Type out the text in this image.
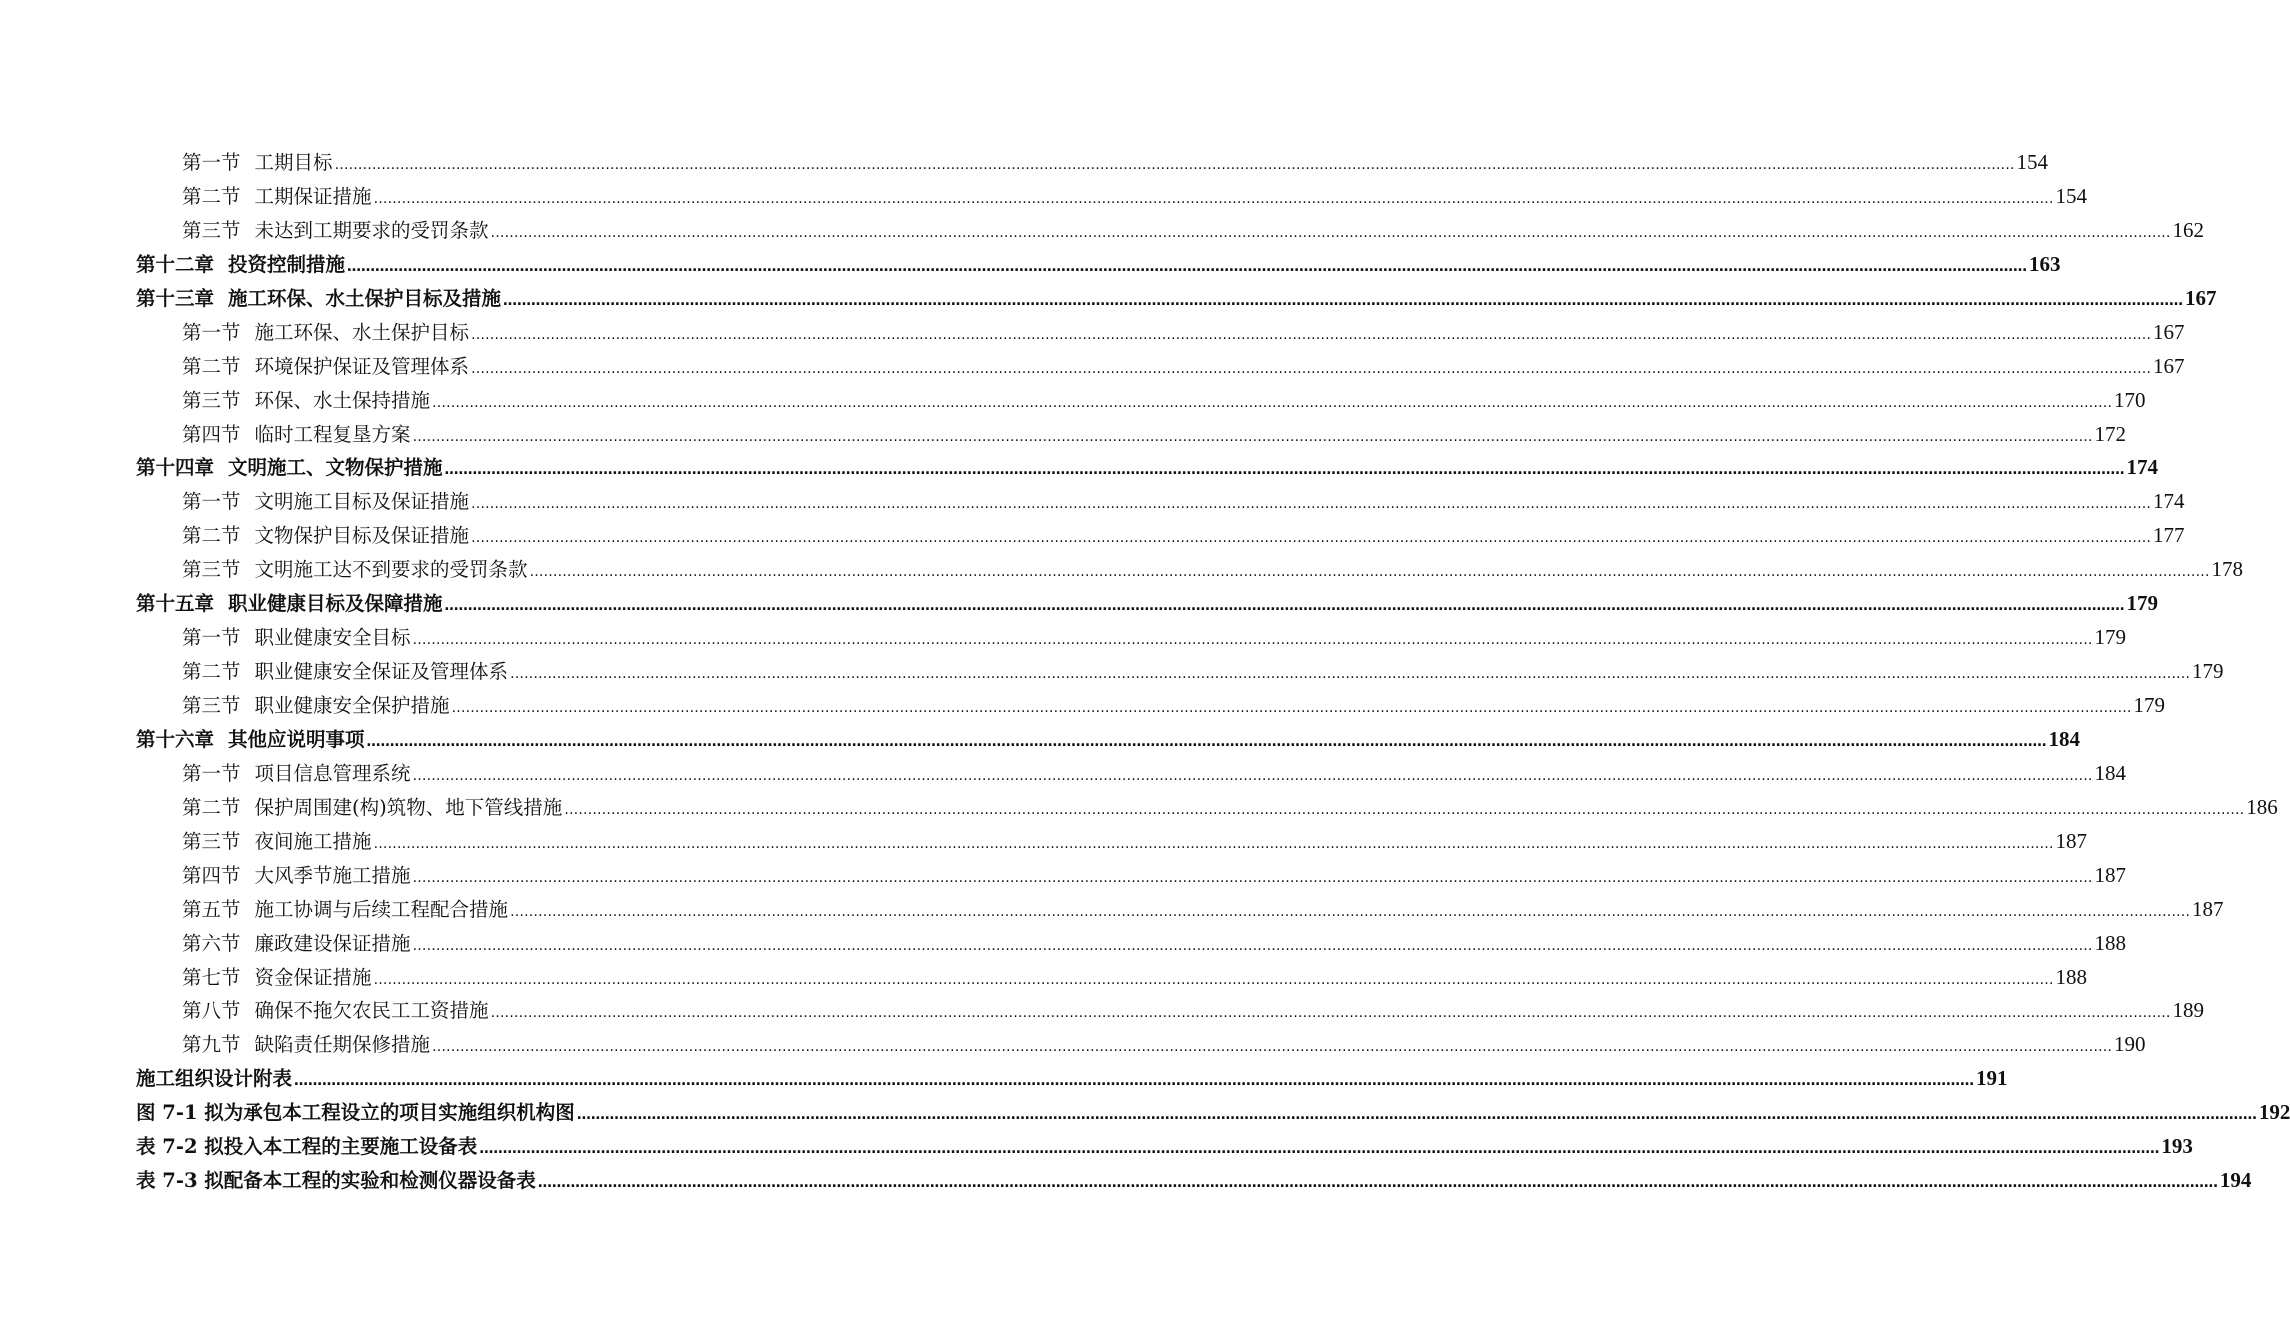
第一节 工期目标 ……………………………………………………………………………………………………………………………………………………………………………………………………………………………………………………………………………………………………………………………… 154
第二节 工期保证措施 ……………………………………………………………………………………………………………………………………………………………………………………………………………………………………………………………………………………………………………………………… 154
第三节 未达到工期要求的受罚条款 ……………………………………………………………………………………………………………………………………………………………………………………………………………………………………………………………………………………………………………………………… 162
第十二章 投资控制措施 ……………………………………………………………………………………………………………………………………………………………………………………………………………………………………………………………………………………………………………………………… 163
第十三章 施工环保、水土保护目标及措施 ……………………………………………………………………………………………………………………………………………………………………………………………………………………………………………………………………………………………………………………………… 167
第一节 施工环保、水土保护目标 ……………………………………………………………………………………………………………………………………………………………………………………………………………………………………………………………………………………………………………………………… 167
第二节 环境保护保证及管理体系 ……………………………………………………………………………………………………………………………………………………………………………………………………………………………………………………………………………………………………………………………… 167
第三节 环保、水土保持措施 ……………………………………………………………………………………………………………………………………………………………………………………………………………………………………………………………………………………………………………………………… 170
第四节 临时工程复垦方案 ……………………………………………………………………………………………………………………………………………………………………………………………………………………………………………………………………………………………………………………………… 172
第十四章 文明施工、文物保护措施 ……………………………………………………………………………………………………………………………………………………………………………………………………………………………………………………………………………………………………………………………… 174
第一节 文明施工目标及保证措施 ……………………………………………………………………………………………………………………………………………………………………………………………………………………………………………………………………………………………………………………………… 174
第二节 文物保护目标及保证措施 ……………………………………………………………………………………………………………………………………………………………………………………………………………………………………………………………………………………………………………………………… 177
第三节 文明施工达不到要求的受罚条款 ……………………………………………………………………………………………………………………………………………………………………………………………………………………………………………………………………………………………………………………………… 178
第十五章 职业健康目标及保障措施 ……………………………………………………………………………………………………………………………………………………………………………………………………………………………………………………………………………………………………………………………… 179
第一节 职业健康安全目标 ……………………………………………………………………………………………………………………………………………………………………………………………………………………………………………………………………………………………………………………………… 179
第二节 职业健康安全保证及管理体系 ……………………………………………………………………………………………………………………………………………………………………………………………………………………………………………………………………………………………………………………………… 179
第三节 职业健康安全保护措施 ……………………………………………………………………………………………………………………………………………………………………………………………………………………………………………………………………………………………………………………………… 179
第十六章 其他应说明事项 ……………………………………………………………………………………………………………………………………………………………………………………………………………………………………………………………………………………………………………………………… 184
第一节 项目信息管理系统 ……………………………………………………………………………………………………………………………………………………………………………………………………………………………………………………………………………………………………………………………… 184
第二节 保护周围建(构)筑物、地下管线措施 ……………………………………………………………………………………………………………………………………………………………………………………………………………………………………………………………………………………………………………………………… 186
第三节 夜间施工措施 ……………………………………………………………………………………………………………………………………………………………………………………………………………………………………………………………………………………………………………………………… 187
第四节 大风季节施工措施 ……………………………………………………………………………………………………………………………………………………………………………………………………………………………………………………………………………………………………………………………… 187
第五节 施工协调与后续工程配合措施 ……………………………………………………………………………………………………………………………………………………………………………………………………………………………………………………………………………………………………………………………… 187
第六节 廉政建设保证措施 ……………………………………………………………………………………………………………………………………………………………………………………………………………………………………………………………………………………………………………………………… 188
第七节 资金保证措施 ……………………………………………………………………………………………………………………………………………………………………………………………………………………………………………………………………………………………………………………………… 188
第八节 确保不拖欠农民工工资措施 ……………………………………………………………………………………………………………………………………………………………………………………………………………………………………………………………………………………………………………………………… 189
第九节 缺陷责任期保修措施 ……………………………………………………………………………………………………………………………………………………………………………………………………………………………………………………………………………………………………………………………… 190
施工组织设计附表 ……………………………………………………………………………………………………………………………………………………………………………………………………………………………………………………………………………………………………………………………… 191
图 7-1 拟为承包本工程设立的项目实施组织机构图 ……………………………………………………………………………………………………………………………………………………………………………………………………………………………………………………………………………………………………………………………… 192
表 7-2 拟投入本工程的主要施工设备表 ……………………………………………………………………………………………………………………………………………………………………………………………………………………………………………………………………………………………………………………………… 193
表 7-3 拟配备本工程的实验和检测仪器设备表 ……………………………………………………………………………………………………………………………………………………………………………………………………………………………………………………………………………………………………………………………… 194
